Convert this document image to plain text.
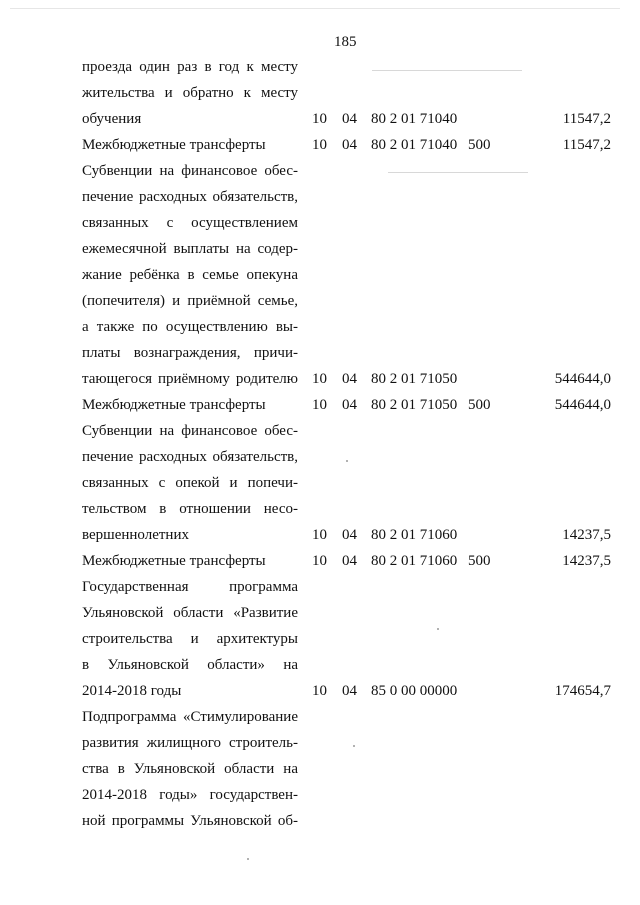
185
проезда один раз в год к месту
жительства и обратно к месту
обучения	10 04 80 2 01 71040	11547,2
Межбюджетные трансферты	10 04 80 2 01 71040 500	11547,2
Субвенции на финансовое обес-
печение расходных обязательств,
связанных с осуществлением
ежемесячной выплаты на содер-
жание ребёнка в семье опекуна
(попечителя) и приёмной семье,
а также по осуществлению вы-
платы вознаграждения, причи-
тающегося приёмному родителю 10 04 80 2 01 71050	544644,0
Межбюджетные трансферты	10 04 80 2 01 71050 500	544644,0
Субвенции на финансовое обес-
печение расходных обязательств,
связанных с опекой и попечи-
тельством в отношении несо-
вершеннолетних	10 04 80 2 01 71060	14237,5
Межбюджетные трансферты	10 04 80 2 01 71060 500	14237,5
Государственная программа
Ульяновской области «Развитие
строительства и архитектуры
в Ульяновской области» на
2014-2018 годы	10 04 85 0 00 00000	174654,7
Подпрограмма «Стимулирование
развития жилищного строитель-
ства в Ульяновской области на
2014-2018 годы» государствен-
ной программы Ульяновской об-
